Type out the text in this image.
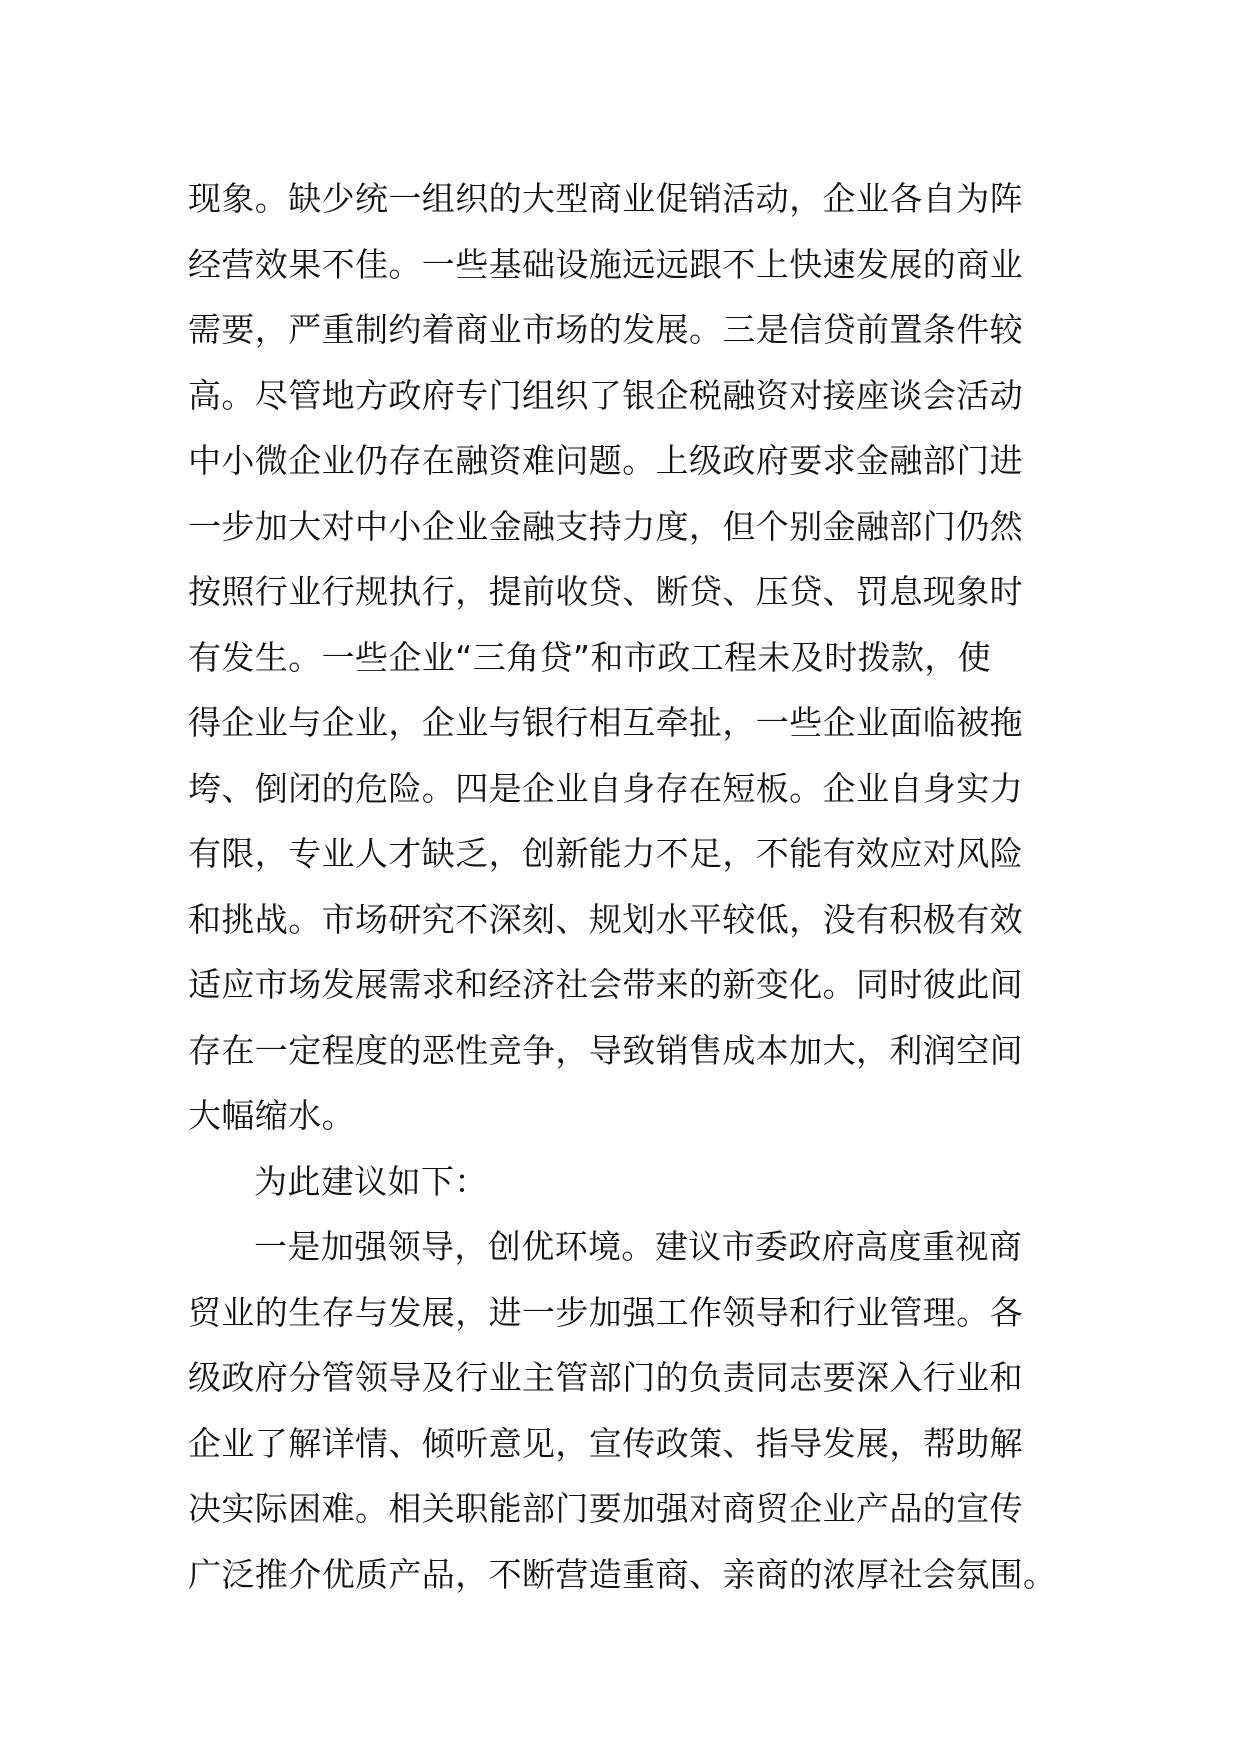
现象。缺少统一组织的大型商业促销活动，企业各自为阵
经营效果不佳。一些基础设施远远跟不上快速发展的商业
需要，严重制约着商业市场的发展。三是信贷前置条件较
高。尽管地方政府专门组织了银企税融资对接座谈会活动
中小微企业仍存在融资难问题。上级政府要求金融部门进
一步加大对中小企业金融支持力度，但个别金融部门仍然
按照行业行规执行，提前收贷、断贷、压贷、罚息现象时
有发生。一些企业“三角贷”和市政工程未及时拨款，使
得企业与企业，企业与银行相互牵扯，一些企业面临被拖
垮、倒闭的危险。四是企业自身存在短板。企业自身实力
有限，专业人才缺乏，创新能力不足，不能有效应对风险
和挑战。市场研究不深刻、规划水平较低，没有积极有效
适应市场发展需求和经济社会带来的新变化。同时彼此间
存在一定程度的恶性竞争，导致销售成本加大，利润空间
大幅缩水。
为此建议如下：
一是加强领导，创优环境。建议市委政府高度重视商
贸业的生存与发展，进一步加强工作领导和行业管理。各
级政府分管领导及行业主管部门的负责同志要深入行业和
企业了解详情、倾听意见，宣传政策、指导发展，帮助解
决实际困难。相关职能部门要加强对商贸企业产品的宣传
广泛推介优质产品，不断营造重商、亲商的浓厚社会氛围。
